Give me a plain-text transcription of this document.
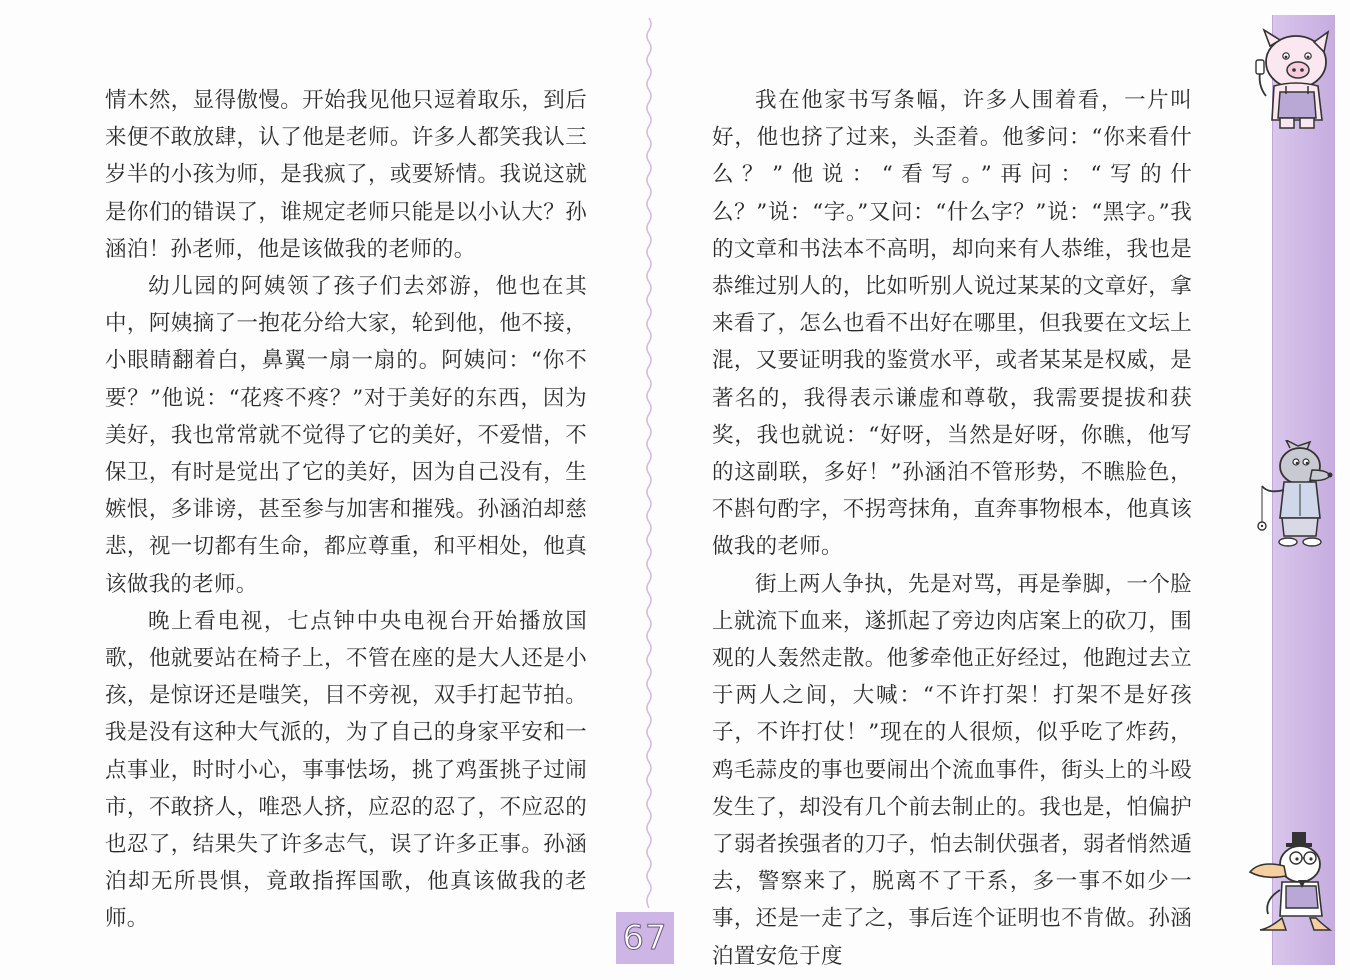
情木然，显得傲慢。开始我见他只逗着取乐，到后来便不敢放肆，认了他是老师。许多人都笑我认三岁半的小孩为师，是我疯了，或要矫情。我说这就是你们的错误了，谁规定老师只能是以小认大？孙涵泊！孙老师，他是该做我的老师的。

幼儿园的阿姨领了孩子们去郊游，他也在其中，阿姨摘了一抱花分给大家，轮到他，他不接，小眼睛翻着白，鼻翼一扇一扇的。阿姨问：“你不要？”他说：“花疼不疼？”对于美好的东西，因为美好，我也常常就不觉得了它的美好，不爱惜，不保卫，有时是觉出了它的美好，因为自己没有，生嫉恨，多诽谤，甚至参与加害和摧残。孙涵泊却慈悲，视一切都有生命，都应尊重，和平相处，他真该做我的老师。

晚上看电视，七点钟中央电视台开始播放国歌，他就要站在椅子上，不管在座的是大人还是小孩，是惊讶还是嗤笑，目不旁视，双手打起节拍。我是没有这种大气派的，为了自己的身家平安和一点事业，时时小心，事事怯场，挑了鸡蛋挑子过闹市，不敢挤人，唯恐人挤，应忍的忍了，不应忍的也忍了，结果失了许多志气，误了许多正事。孙涵泊却无所畏惧，竟敢指挥国歌，他真该做我的老师。

我在他家书写条幅，许多人围着看，一片叫好，他也挤了过来，头歪着。他爹问：“你来看什么？”他说：“看写。”再问：“写的什么？”说：“字。”又问：“什么字？”说：“黑字。”我的文章和书法本不高明，却向来有人恭维，我也是恭维过别人的，比如听别人说过某某的文章好，拿来看了，怎么也看不出好在哪里，但我要在文坛上混，又要证明我的鉴赏水平，或者某某是权威，是著名的，我得表示谦虚和尊敬，我需要提拔和获奖，我也就说：“好呀，当然是好呀，你瞧，他写的这副联，多好！”孙涵泊不管形势，不瞧脸色，不斟句酌字，不拐弯抹角，直奔事物根本，他真该做我的老师。

街上两人争执，先是对骂，再是拳脚，一个脸上就流下血来，遂抓起了旁边肉店案上的砍刀，围观的人轰然走散。他爹牵他正好经过，他跑过去立于两人之间，大喊：“不许打架！打架不是好孩子，不许打仗！”现在的人很烦，似乎吃了炸药，鸡毛蒜皮的事也要闹出个流血事件，街头上的斗殴发生了，却没有几个前去制止的。我也是，怕偏护了弱者挨强者的刀子，怕去制伏强者，弱者悄然遁去，警察来了，脱离不了干系，多一事不如少一事，还是一走了之，事后连个证明也不肯做。孙涵泊置安危于度

67
